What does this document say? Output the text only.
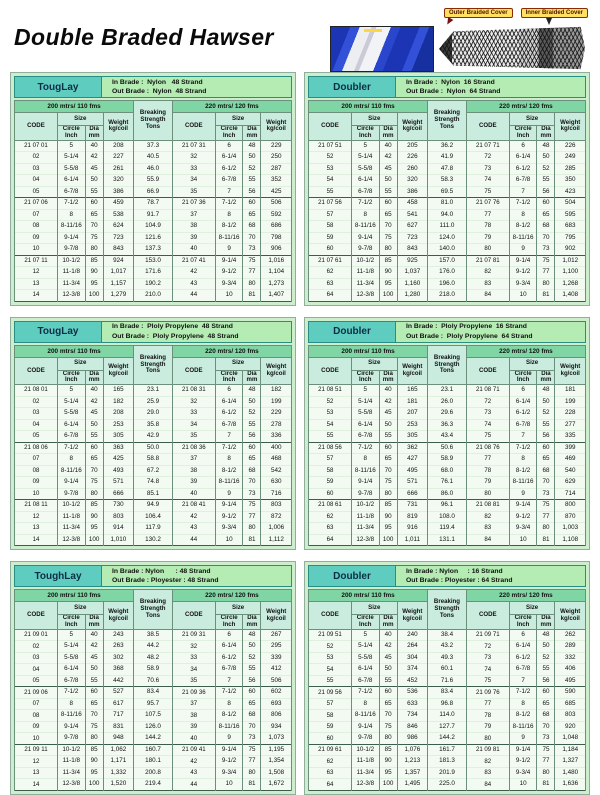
Double Braded Hawser
Outer Braided Cover	Inner Braided Cover
TougLay	In Brade :  Nylon   48 Strand
Out Brade :  Nylon  48 Strand
200 mtrs/ 110 fms				Breaking Strength Tons	220 mtrs/ 120 fms			
CODE	Size		Weight kg/coil		CODE	Size		Weight kg/coil
	Circle Inch	Dia mm				Circle Inch	Dia mm	
21 07 01	5	40	208	37.3	21 07 31	6	48	229
02	5-1/4	42	227	40.5	32	6-1/4	50	250
03	5-5/8	45	261	46.0	33	6-1/2	52	287
04	6-1/4	50	320	55.9	34	6-7/8	55	352
05	6-7/8	55	386	66.9	35	7	56	425
21 07 06	7-1/2	60	459	78.7	21 07 36	7-1/2	60	506
07	8	65	538	91.7	37	8	65	592
08	8-11/16	70	624	104.9	38	8-1/2	68	686
09	9-1/4	75	723	121.6	39	8-11/16	70	798
10	9-7/8	80	843	137.3	40	9	73	906
21 07 11	10-1/2	85	924	153.0	21 07 41	9-1/4	75	1,016
12	11-1/8	90	1,017	171.6	42	9-1/2	77	1,104
13	11-3/4	95	1,157	190.2	43	9-3/4	80	1,273
14	12-3/8	100	1,279	210.0	44	10	81	1,407
Doubler	In Brade :  Nylon  16 Strand
Out Brade :  Nylon  64 Strand
200 mtrs/ 110 fms				Breaking Strength Tons	220 mtrs/ 120 fms			
CODE	Size		Weight kg/coil		CODE	Size		Weight kg/coil
	Circle Inch	Dia mm				Circle Inch	Dia mm	
21 07 51	5	40	205	36.2	21 07 71	6	48	226
52	5-1/4	42	226	41.9	72	6-1/4	50	249
53	5-5/8	45	260	47.8	73	6-1/2	52	285
54	6-1/4	50	320	58.3	74	6-7/8	55	350
55	6-7/8	55	386	69.5	75	7	56	423
21 07 56	7-1/2	60	458	81.0	21 07 76	7-1/2	60	504
57	8	65	541	94.0	77	8	65	595
58	8-11/16	70	627	111.0	78	8-1/2	68	683
59	9-1/4	75	723	124.0	79	8-11/16	70	795
60	9-7/8	80	843	140.0	80	9	73	902
21 07 61	10-1/2	85	925	157.0	21 07 81	9-1/4	75	1,012
62	11-1/8	90	1,037	176.0	82	9-1/2	77	1,100
63	11-3/4	95	1,160	196.0	83	9-3/4	80	1,268
64	12-3/8	100	1,280	218.0	84	10	81	1,408
TougLay	In Brade :  Ploly Propylene  48 Strand
Out Brade :  Ploly Propylene  48 Strand
200 mtrs/ 110 fms				Breaking Strength Tons	220 mtrs/ 120 fms			
CODE	Size		Weight kg/coil		CODE	Size		Weight kg/coil
	Circle Inch	Dia mm				Circle Inch	Dia mm	
21 08 01	5	40	165	23.1	21 08 31	6	48	182
02	5-1/4	42	182	25.9	32	6-1/4	50	199
03	5-5/8	45	208	29.0	33	6-1/2	52	229
04	6-1/4	50	253	35.8	34	6-7/8	55	278
05	6-7/8	55	305	42.9	35	7	56	336
21 08 06	7-1/2	60	363	50.0	21 08 36	7-1/2	60	400
07	8	65	425	58.8	37	8	65	468
08	8-11/16	70	493	67.2	38	8-1/2	68	542
09	9-1/4	75	571	74.8	39	8-11/16	70	630
10	9-7/8	80	666	85.1	40	9	73	716
21 08 11	10-1/2	85	730	94.9	21 08 41	9-1/4	75	803
12	11-1/8	90	803	106.4	42	9-1/2	77	872
13	11-3/4	95	914	117.9	43	9-3/4	80	1,006
14	12-3/8	100	1,010	130.2	44	10	81	1,112
Doubler	In Brade :  Ploly Propylene  16 Strand
Out Brade :  Ploly Propylene  64 Strand
200 mtrs/ 110 fms				Breaking Strength Tons	220 mtrs/ 120 fms			
CODE	Size		Weight kg/coil		CODE	Size		Weight kg/coil
	Circle Inch	Dia mm				Circle Inch	Dia mm	
21 08 51	5	40	165	23.1	21 08 71	6	48	181
52	5-1/4	42	181	26.0	72	6-1/4	50	199
53	5-5/8	45	207	29.6	73	6-1/2	52	228
54	6-1/4	50	253	36.3	74	6-7/8	55	277
55	6-7/8	55	305	43.4	75	7	56	335
21 08 56	7-1/2	60	362	50.6	21 08 76	7-1/2	60	399
57	8	65	427	58.9	77	8	65	469
58	8-11/16	70	495	68.0	78	8-1/2	68	540
59	9-1/4	75	571	76.1	79	8-11/16	70	629
60	9-7/8	80	666	86.0	80	9	73	714
21 08 61	10-1/2	85	731	96.1	21 08 81	9-1/4	75	800
62	11-1/8	90	819	108.0	82	9-1/2	77	870
63	11-3/4	95	916	119.4	83	9-3/4	80	1,003
64	12-3/8	100	1,011	131.1	84	10	81	1,108
ToughLay	In Brade : Nylon      : 48 Strand
Out Brade : Ployester : 48 Strand
200 mtrs/ 110 fms				Breaking Strength Tons	220 mtrs/ 120 fms			
CODE	Size		Weight kg/coil		CODE	Size		Weight kg/coil
	Circle Inch	Dia mm				Circle Inch	Dia mm	
21 09 01	5	40	243	38.5	21 09 31	6	48	267
02	5-1/4	42	263	44.2	32	6-1/4	50	295
03	5-5/8	45	302	48.2	33	6-1/2	52	339
04	6-1/4	50	368	58.9	34	6-7/8	55	412
05	6-7/8	55	442	70.6	35	7	56	506
21 09 06	7-1/2	60	527	83.4	21 09 36	7-1/2	60	602
07	8	65	617	95.7	37	8	65	693
08	8-11/16	70	717	107.5	38	8-1/2	68	806
09	9-1/4	75	831	126.0	39	8-11/16	70	934
10	9-7/8	80	948	144.2	40	9	73	1,073
21 09 11	10-1/2	85	1,062	160.7	21 09 41	9-1/4	75	1,195
12	11-1/8	90	1,171	180.1	42	9-1/2	77	1,354
13	11-3/4	95	1,332	200.8	43	9-3/4	80	1,508
14	12-3/8	100	1,520	219.4	44	10	81	1,672
Doubler	In Brade : Nylon     : 16 Strand
Out Brade : Ployester : 64 Strand
200 mtrs/ 110 fms				Breaking Strength Tons	220 mtrs/ 120 fms			
CODE	Size		Weight kg/coil		CODE	Size		Weight kg/coil
	Circle Inch	Dia mm				Circle Inch	Dia mm	
21 09 51	5	40	240	38.4	21 09 71	6	48	262
52	5-1/4	42	264	43.2	72	6-1/4	50	289
53	5-5/8	45	304	49.3	73	6-1/2	52	332
54	6-1/4	50	374	60.1	74	6-7/8	55	406
55	6-7/8	55	452	71.6	75	7	56	495
21 09 56	7-1/2	60	536	83.4	21 09 76	7-1/2	60	590
57	8	65	633	96.8	77	8	65	685
58	8-11/16	70	734	114.0	78	8-1/2	68	803
59	9-1/4	75	846	127.7	79	8-11/16	70	920
60	9-7/8	80	986	144.2	80	9	73	1,048
21 09 61	10-1/2	85	1,076	161.7	21 09 81	9-1/4	75	1,184
62	11-1/8	90	1,213	181.3	82	9-1/2	77	1,327
63	11-3/4	95	1,357	201.9	83	9-3/4	80	1,480
64	12-3/8	100	1,495	225.0	84	10	81	1,636
